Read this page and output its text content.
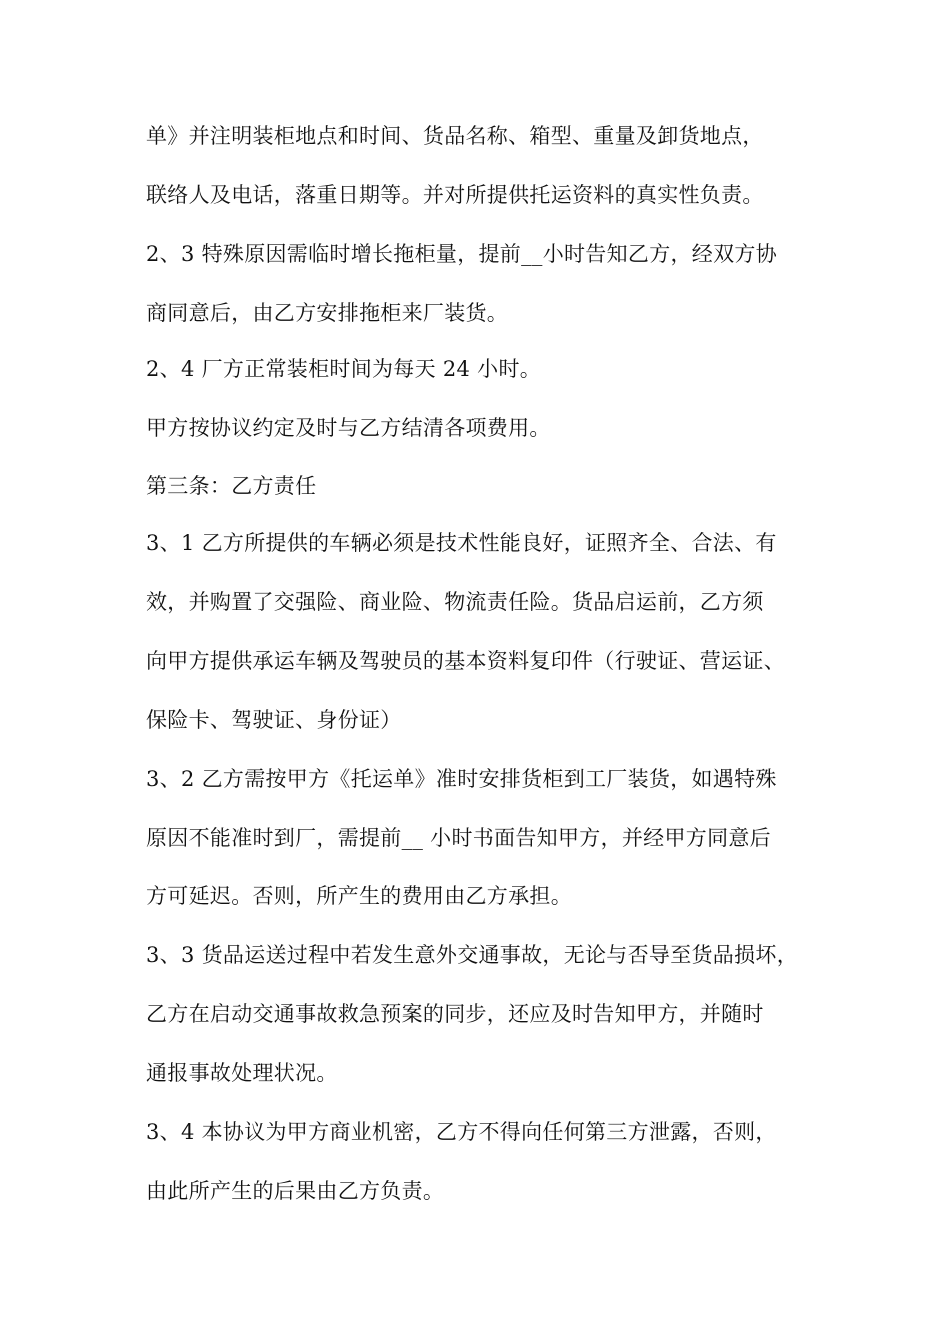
单》并注明装柜地点和时间、货品名称、箱型、重量及卸货地点，
联络人及电话，落重日期等。并对所提供托运资料的真实性负责。
2、3 特殊原因需临时增长拖柜量，提前__小时告知乙方，经双方协
商同意后，由乙方安排拖柜来厂装货。
2、4 厂方正常装柜时间为每天 24 小时。
甲方按协议约定及时与乙方结清各项费用。
第三条：乙方责任
3、1 乙方所提供的车辆必须是技术性能良好，证照齐全、合法、有
效，并购置了交强险、商业险、物流责任险。货品启运前，乙方须
向甲方提供承运车辆及驾驶员的基本资料复印件（行驶证、营运证、
保险卡、驾驶证、身份证）
3、2 乙方需按甲方《托运单》准时安排货柜到工厂装货，如遇特殊
原因不能准时到厂，需提前__ 小时书面告知甲方，并经甲方同意后
方可延迟。否则，所产生的费用由乙方承担。
3、3 货品运送过程中若发生意外交通事故，无论与否导至货品损坏，
乙方在启动交通事故救急预案的同步，还应及时告知甲方，并随时
通报事故处理状况。
3、4 本协议为甲方商业机密，乙方不得向任何第三方泄露，否则，
由此所产生的后果由乙方负责。
